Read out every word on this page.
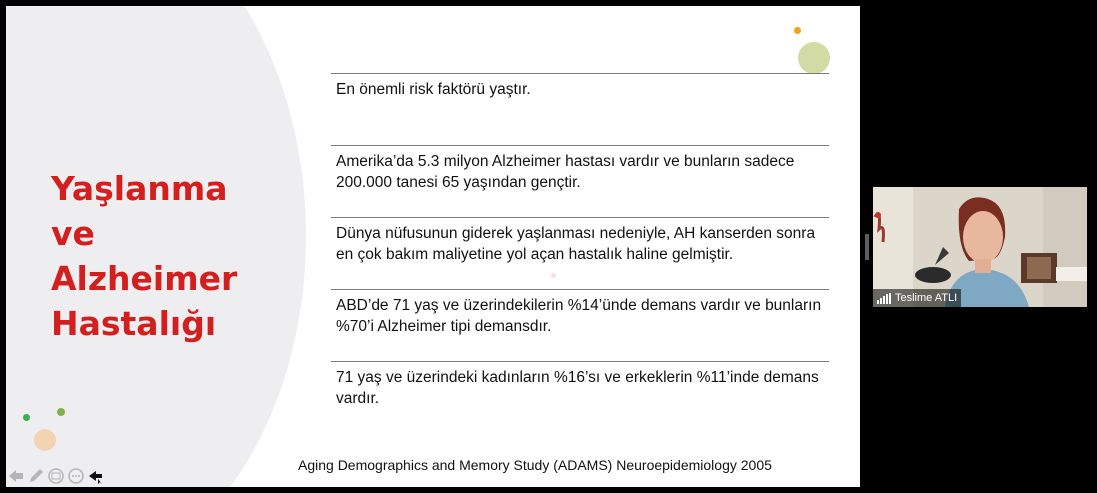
Yaşlanma
ve
Alzheimer
Hastalığı
En önemli risk faktörü yaştır.
Amerika’da 5.3 milyon Alzheimer hastası vardır ve bunların sadece 200.000 tanesi 65 yaşından gençtir.
Dünya nüfusunun giderek yaşlanması nedeniyle, AH kanserden sonra en çok bakım maliyetine yol açan hastalık haline gelmiştir.
ABD’de 71 yaş ve üzerindekilerin %14’ünde demans vardır ve bunların %70’i Alzheimer tipi demansdır.
71 yaş ve üzerindeki kadınların %16’sı ve erkeklerin %11’inde demans vardır.
Aging Demographics and Memory Study (ADAMS) Neuroepidemiology 2005
Teslime ATLI
